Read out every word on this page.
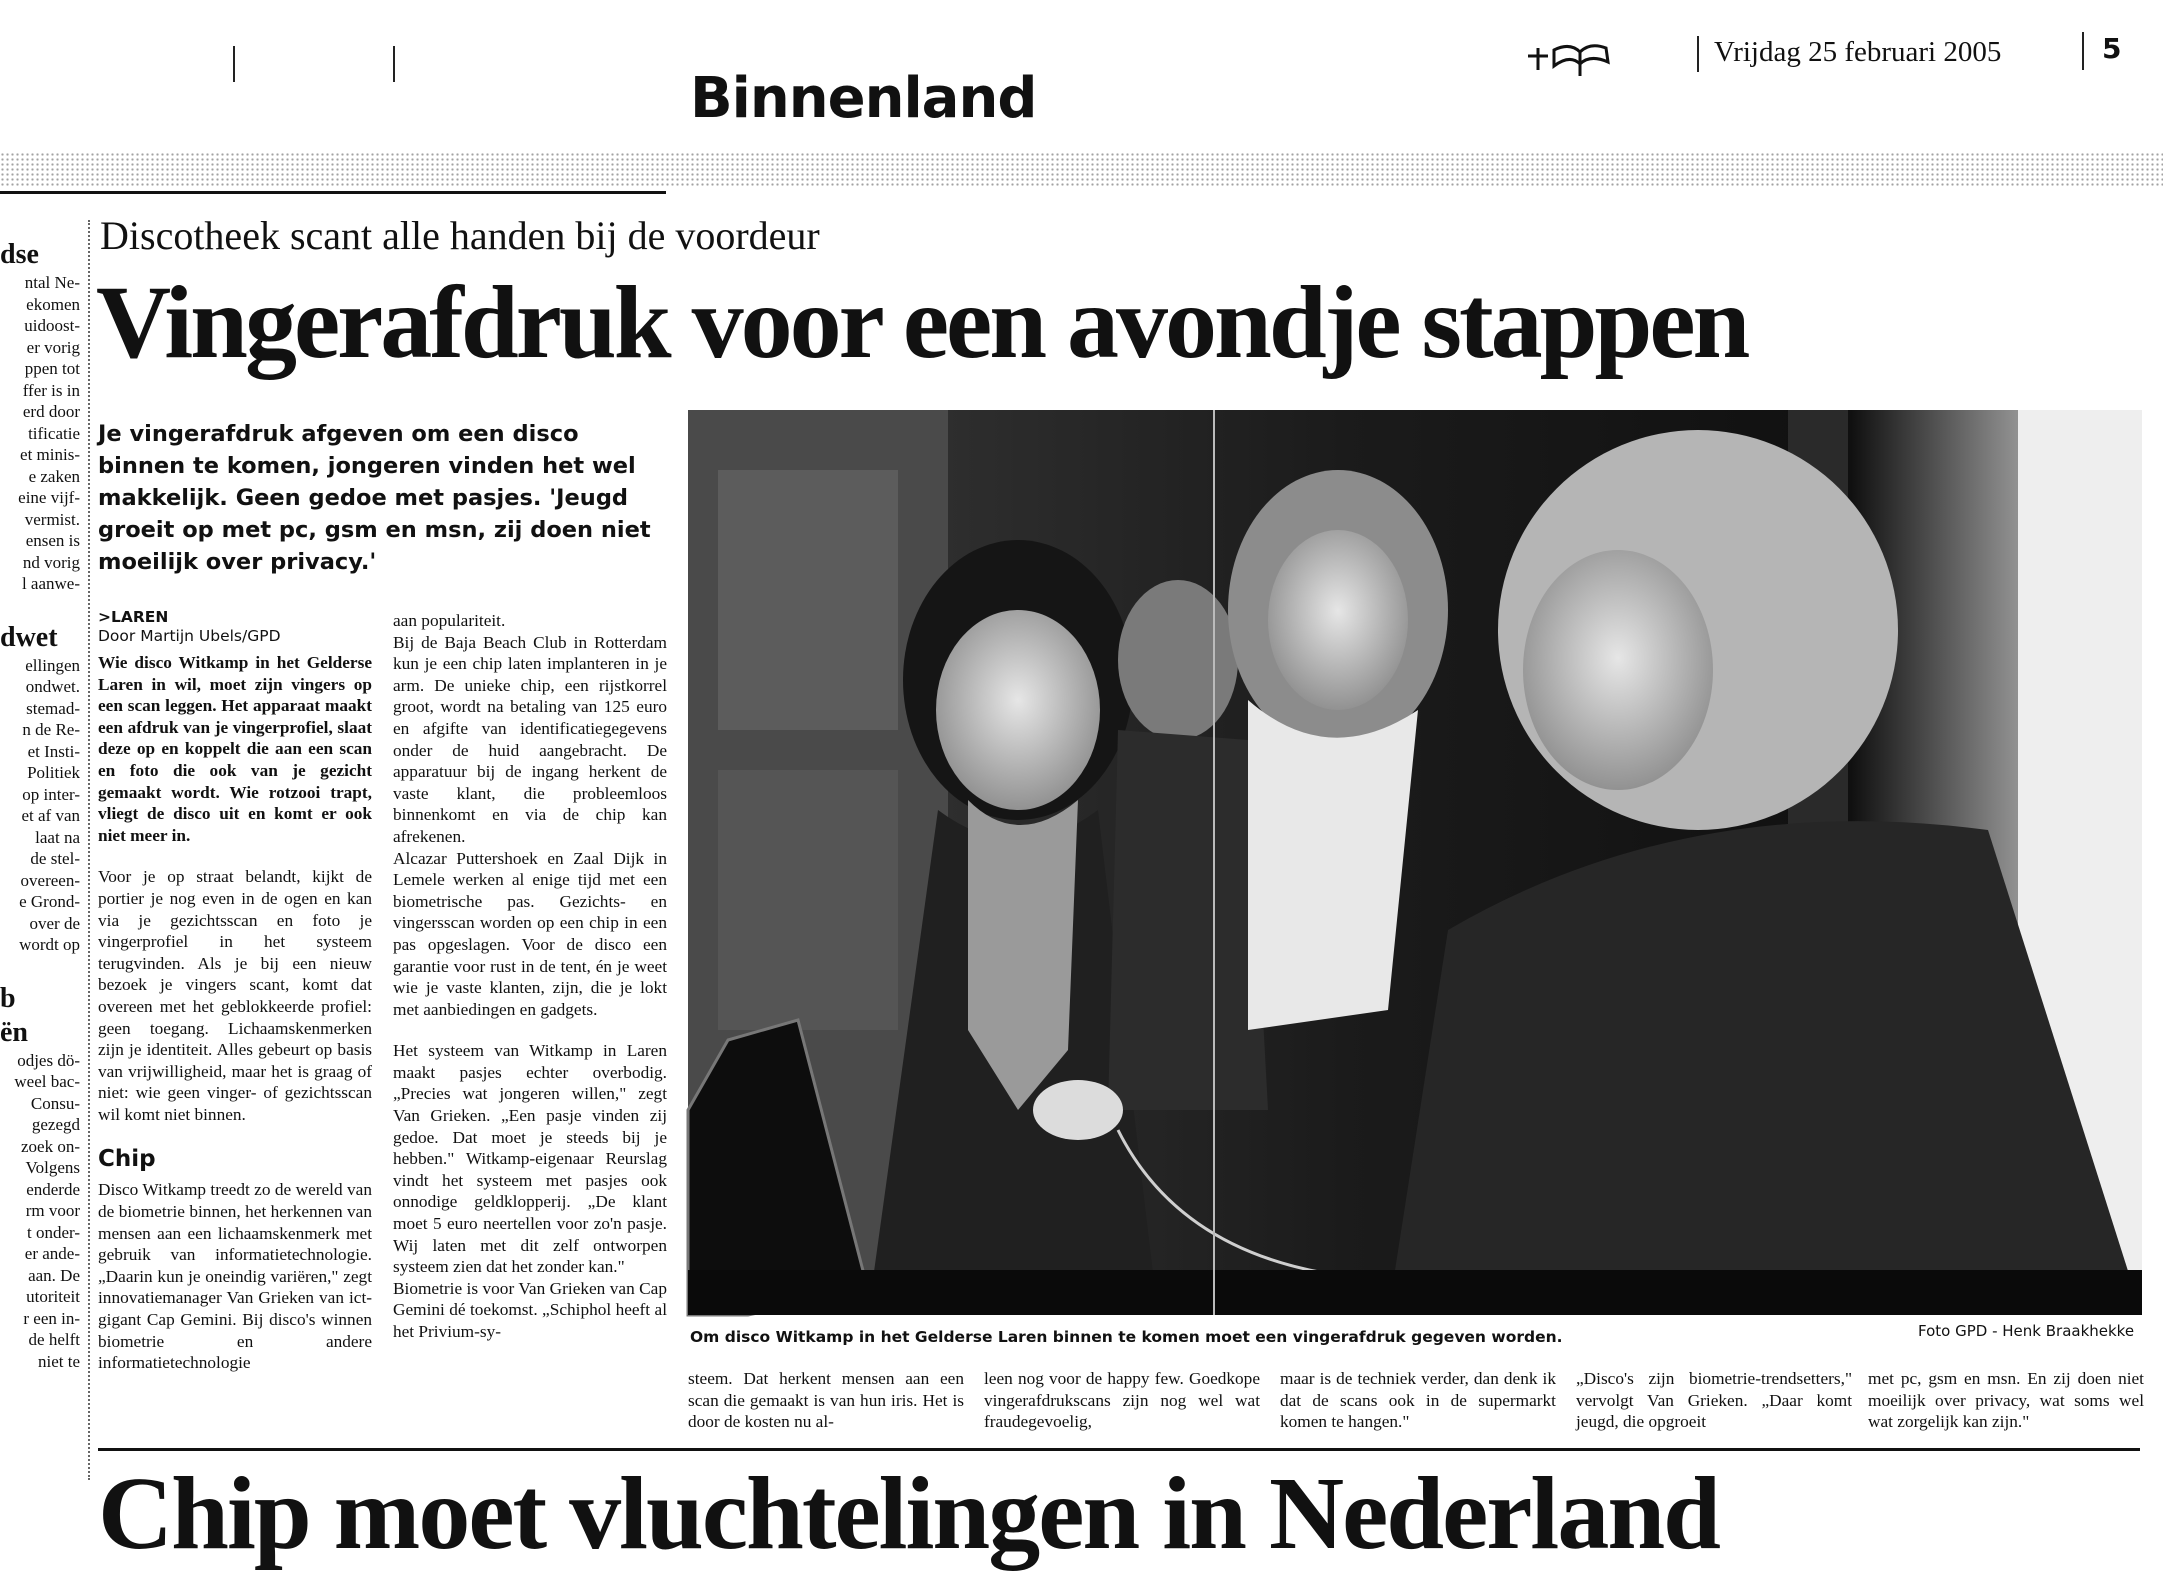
Binnenland
Vrijdag 25 februari 2005	5
dse

ntal Ne-
ekomen
uidoost-
er vorig
ppen tot
ffer is in
erd door
tificatie
et minis-
e zaken
eine vijf-
vermist.
ensen is
nd vorig
l aanwe-

dwet

ellingen
ondwet.
stemad-
n de Re-
et Insti-
Politiek
op inter-
et af van
laat na
de stel-
overeen-
e Grond-
over de
wordt op

b
ën

odjes dö-
weel bac-
Consu-
gezegd
zoek on-
Volgens
enderde
rm voor
t onder-
er ande-
aan. De
utoriteit
r een in-
de helft
niet te

Discotheek scant alle handen bij de voordeur
Vingerafdruk voor een avondje stappen
Je vingerafdruk afgeven om een disco binnen te komen, jongeren vinden het wel makkelijk. Geen gedoe met pasjes. 'Jeugd groeit op met pc, gsm en msn, zij doen niet moeilijk over privacy.'
>LAREN
Door Martijn Ubels/GPD

Wie disco Witkamp in het Gelderse Laren in wil, moet zijn vingers op een scan leggen. Het apparaat maakt een afdruk van je vingerprofiel, slaat deze op en koppelt die aan een scan en foto die ook van je gezicht gemaakt wordt. Wie rotzooi trapt, vliegt de disco uit en komt er ook niet meer in.

Voor je op straat belandt, kijkt de portier je nog even in de ogen en kan via je gezichtsscan en foto je vingerprofiel in het systeem terugvinden. Als je bij een nieuw bezoek je vingers scant, komt dat overeen met het geblokkeerde profiel: geen toegang. Lichaamskenmerken zijn je identiteit. Alles gebeurt op basis van vrijwilligheid, maar het is graag of niet: wie geen vinger- of gezichtsscan wil komt niet binnen.

Chip

Disco Witkamp treedt zo de wereld van de biometrie binnen, het herkennen van mensen aan een lichaamskenmerk met gebruik van informatietechnologie. „Daarin kun je oneindig variëren," zegt innovatiemanager Van Grieken van ict-gigant Cap Gemini. Bij disco's winnen biometrie en andere informatietechnologie

aan populariteit.
Bij de Baja Beach Club in Rotterdam kun je een chip laten implanteren in je arm. De unieke chip, een rijstkorrel groot, wordt na betaling van 125 euro en afgifte van identificatiegegevens onder de huid aangebracht. De apparatuur bij de ingang herkent de vaste klant, die probleemloos binnenkomt en via de chip kan afrekenen.
Alcazar Puttershoek en Zaal Dijk in Lemele werken al enige tijd met een biometrische pas. Gezichts- en vingersscan worden op een chip in een pas opgeslagen. Voor de disco een garantie voor rust in de tent, én je weet wie je vaste klanten, zijn, die je lokt met aanbiedingen en gadgets.

Het systeem van Witkamp in Laren maakt pasjes echter overbodig. „Precies wat jongeren willen," zegt Van Grieken. „Een pasje vinden zij gedoe. Dat moet je steeds bij je hebben." Witkamp-eigenaar Reurslag vindt het systeem met pasjes ook onnodige geldklopperij. „De klant moet 5 euro neertellen voor zo'n pasje. Wij laten met dit zelf ontworpen systeem zien dat het zonder kan."
Biometrie is voor Van Grieken van Cap Gemini dé toekomst. „Schiphol heeft al het Privium-sy-	Om disco Witkamp in het Gelderse Laren binnen te komen moet een vingerafdruk gegeven worden.	Foto GPD - Henk Braakhekke
steem. Dat herkent mensen aan een scan die gemaakt is van hun iris. Het is door de kosten nu al-
leen nog voor de happy few. Goedkope vingerafdrukscans zijn nog wel wat fraudegevoelig,
maar is de techniek verder, dan denk ik dat de scans ook in de supermarkt komen te hangen."
„Disco's zijn biometrie-trendsetters," vervolgt Van Grieken. „Daar komt jeugd, die opgroeit
met pc, gsm en msn. En zij doen niet moeilijk over privacy, wat soms wel wat zorgelijk kan zijn."
Chip moet vluchtelingen in Nederland
